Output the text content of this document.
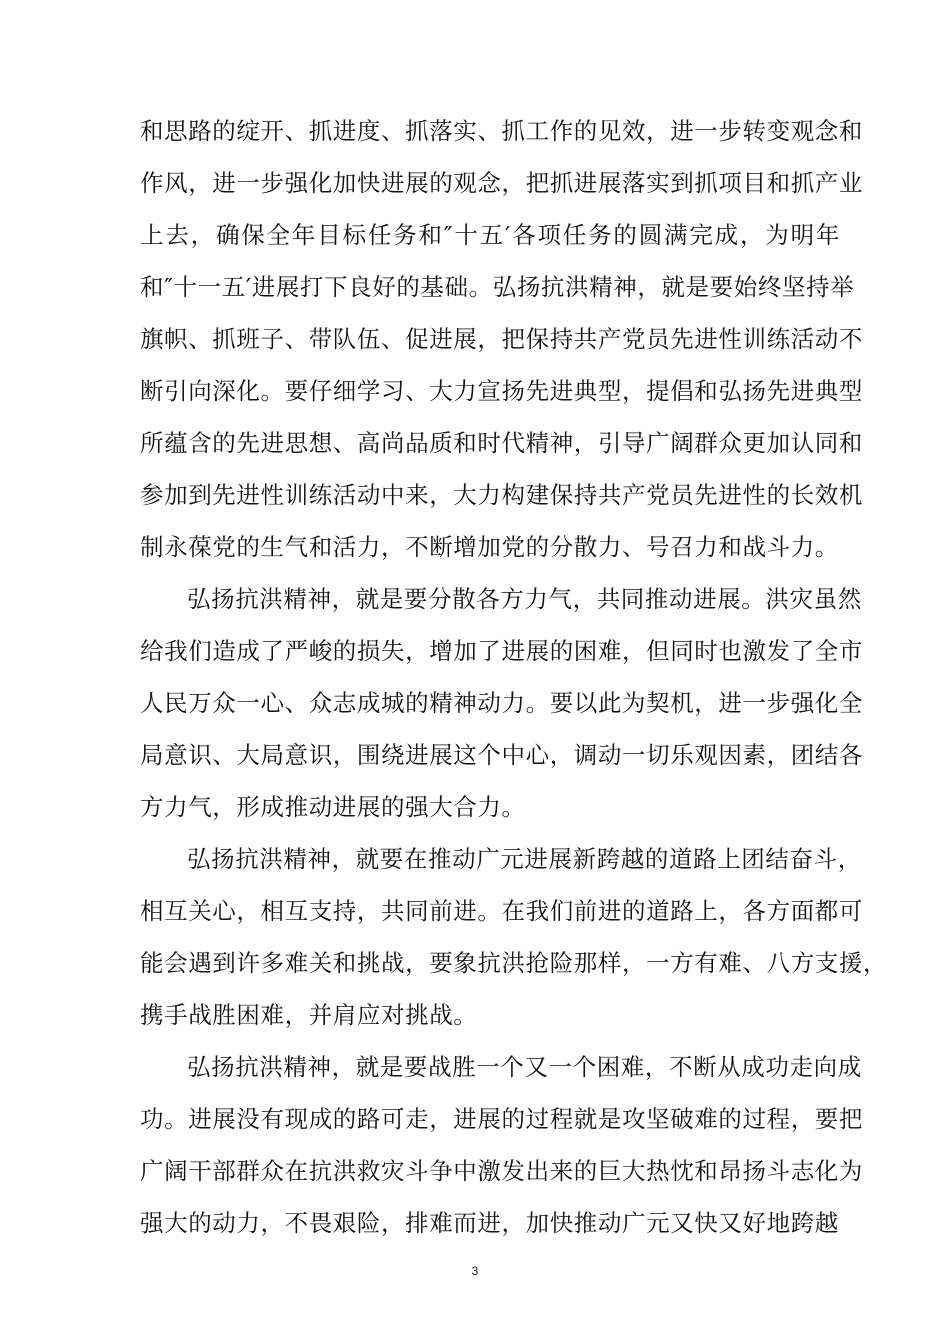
和思路的绽开、抓进度、抓落实、抓工作的见效，进一步转变观念和
作风，进一步强化加快进展的观念，把抓进展落实到抓项目和抓产业
上去，确保全年目标任务和″十五′各项任务的圆满完成，为明年
和″十一五′进展打下良好的基础。弘扬抗洪精神，就是要始终坚持举
旗帜、抓班子、带队伍、促进展，把保持共产党员先进性训练活动不
断引向深化。要仔细学习、大力宣扬先进典型，提倡和弘扬先进典型
所蕴含的先进思想、高尚品质和时代精神，引导广阔群众更加认同和
参加到先进性训练活动中来，大力构建保持共产党员先进性的长效机
制永葆党的生气和活力，不断增加党的分散力、号召力和战斗力。
弘扬抗洪精神，就是要分散各方力气，共同推动进展。洪灾虽然
给我们造成了严峻的损失，增加了进展的困难，但同时也激发了全市
人民万众一心、众志成城的精神动力。要以此为契机，进一步强化全
局意识、大局意识，围绕进展这个中心，调动一切乐观因素，团结各
方力气，形成推动进展的强大合力。
弘扬抗洪精神，就要在推动广元进展新跨越的道路上团结奋斗，
相互关心，相互支持，共同前进。在我们前进的道路上，各方面都可
能会遇到许多难关和挑战，要象抗洪抢险那样，一方有难、八方支援，
携手战胜困难，并肩应对挑战。
弘扬抗洪精神，就是要战胜一个又一个困难，不断从成功走向成
功。进展没有现成的路可走，进展的过程就是攻坚破难的过程，要把
广阔干部群众在抗洪救灾斗争中激发出来的巨大热忱和昂扬斗志化为
强大的动力，不畏艰险，排难而进，加快推动广元又快又好地跨越
3
